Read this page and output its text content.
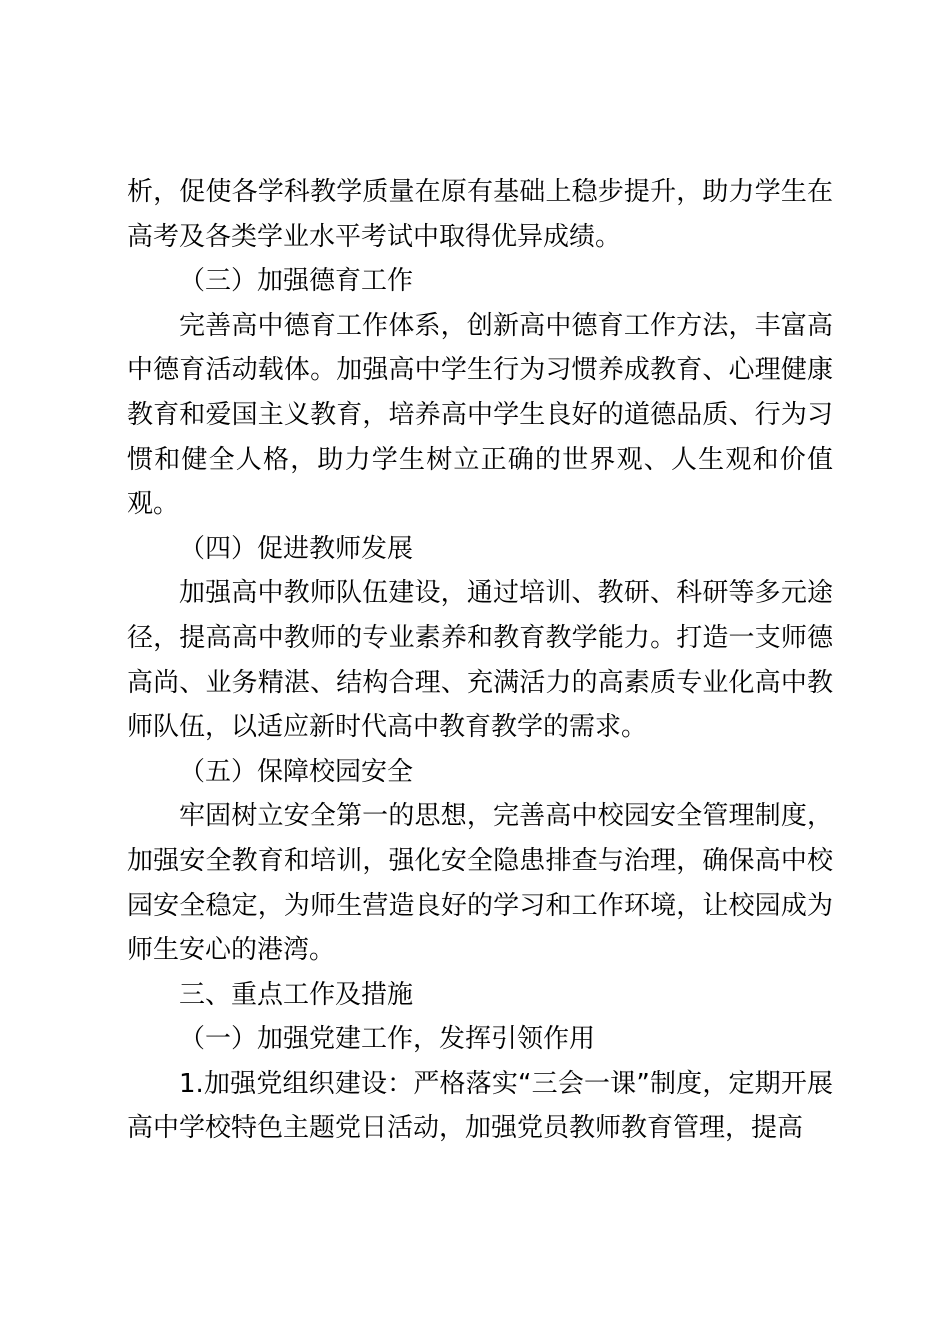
析，促使各学科教学质量在原有基础上稳步提升，助力学生在高考及各类学业水平考试中取得优异成绩。

（三）加强德育工作

完善高中德育工作体系，创新高中德育工作方法，丰富高中德育活动载体。加强高中学生行为习惯养成教育、心理健康教育和爱国主义教育，培养高中学生良好的道德品质、行为习惯和健全人格，助力学生树立正确的世界观、人生观和价值观。

（四）促进教师发展

加强高中教师队伍建设，通过培训、教研、科研等多元途径，提高高中教师的专业素养和教育教学能力。打造一支师德高尚、业务精湛、结构合理、充满活力的高素质专业化高中教师队伍，以适应新时代高中教育教学的需求。

（五）保障校园安全

牢固树立安全第一的思想，完善高中校园安全管理制度，加强安全教育和培训，强化安全隐患排查与治理，确保高中校园安全稳定，为师生营造良好的学习和工作环境，让校园成为师生安心的港湾。

三、重点工作及措施

（一）加强党建工作，发挥引领作用

1.加强党组织建设：严格落实“三会一课”制度，定期开展高中学校特色主题党日活动，加强党员教师教育管理，提高
